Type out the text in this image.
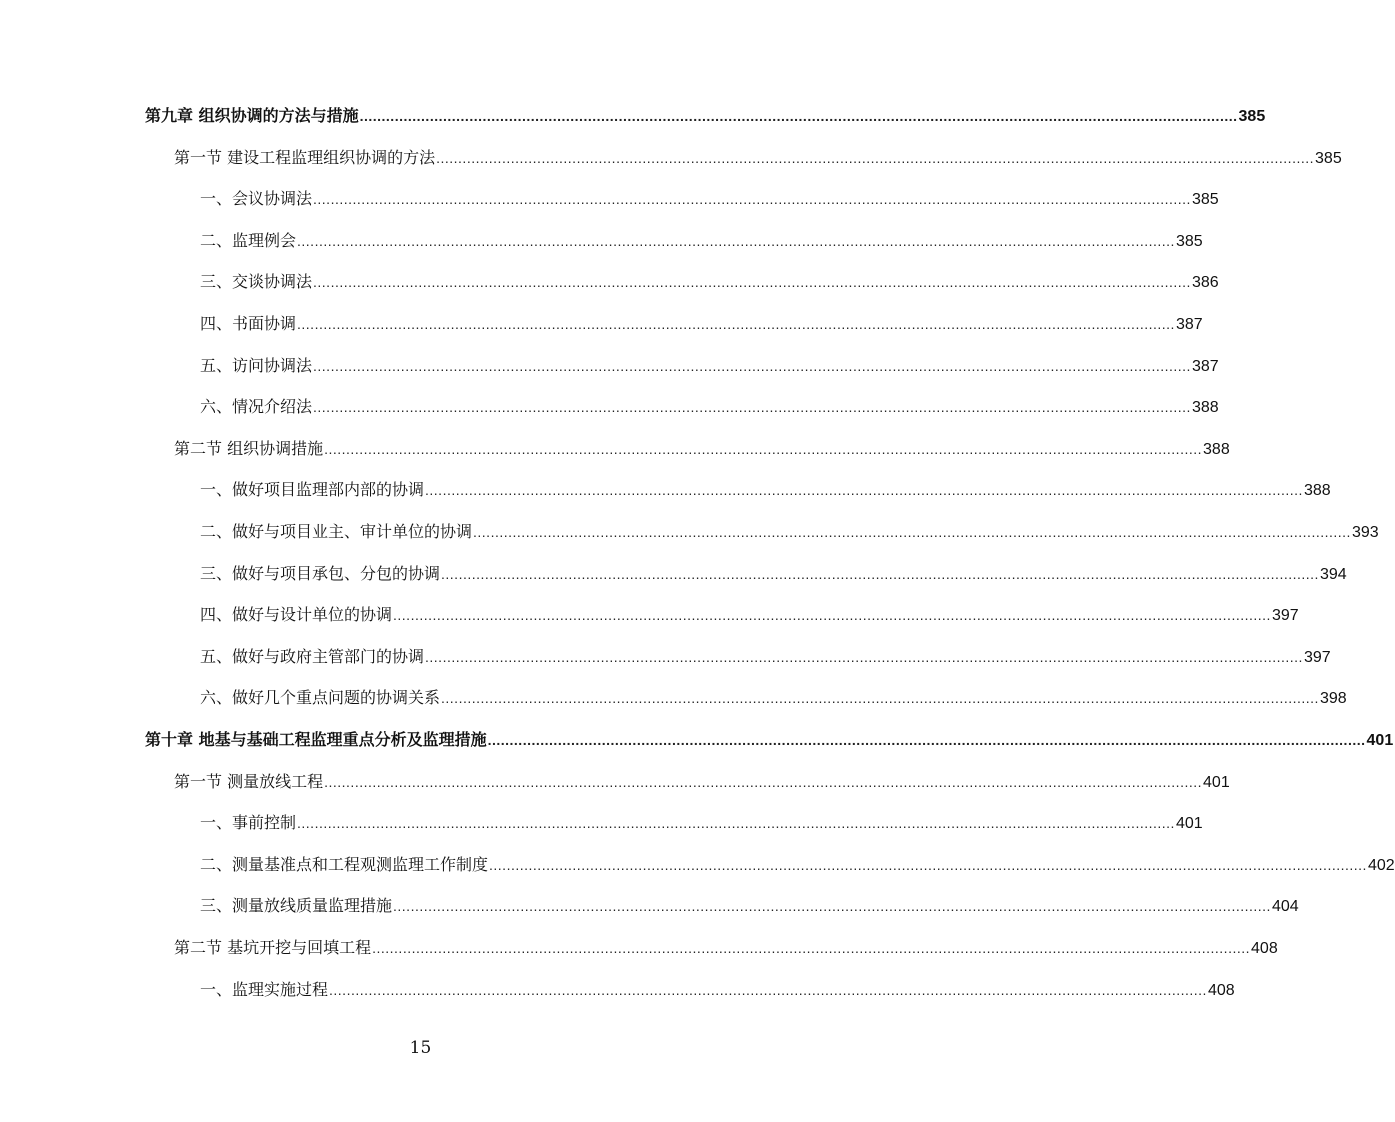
第九章 组织协调的方法与措施 ........................................................................................................................................................................................................ 385
第一节 建设工程监理组织协调的方法 ........................................................................................................................................................................................................ 385
一、会议协调法 ........................................................................................................................................................................................................ 385
二、监理例会 ........................................................................................................................................................................................................ 385
三、交谈协调法 ........................................................................................................................................................................................................ 386
四、书面协调 ........................................................................................................................................................................................................ 387
五、访问协调法 ........................................................................................................................................................................................................ 387
六、情况介绍法 ........................................................................................................................................................................................................ 388
第二节 组织协调措施 ........................................................................................................................................................................................................ 388
一、做好项目监理部内部的协调 ........................................................................................................................................................................................................ 388
二、做好与项目业主、审计单位的协调 ........................................................................................................................................................................................................ 393
三、做好与项目承包、分包的协调 ........................................................................................................................................................................................................ 394
四、做好与设计单位的协调 ........................................................................................................................................................................................................ 397
五、做好与政府主管部门的协调 ........................................................................................................................................................................................................ 397
六、做好几个重点问题的协调关系 ........................................................................................................................................................................................................ 398
第十章 地基与基础工程监理重点分析及监理措施 ........................................................................................................................................................................................................ 401
第一节 测量放线工程 ........................................................................................................................................................................................................ 401
一、事前控制 ........................................................................................................................................................................................................ 401
二、测量基准点和工程观测监理工作制度 ........................................................................................................................................................................................................ 402
三、测量放线质量监理措施 ........................................................................................................................................................................................................ 404
第二节 基坑开挖与回填工程 ........................................................................................................................................................................................................ 408
一、监理实施过程 ........................................................................................................................................................................................................ 408
15
